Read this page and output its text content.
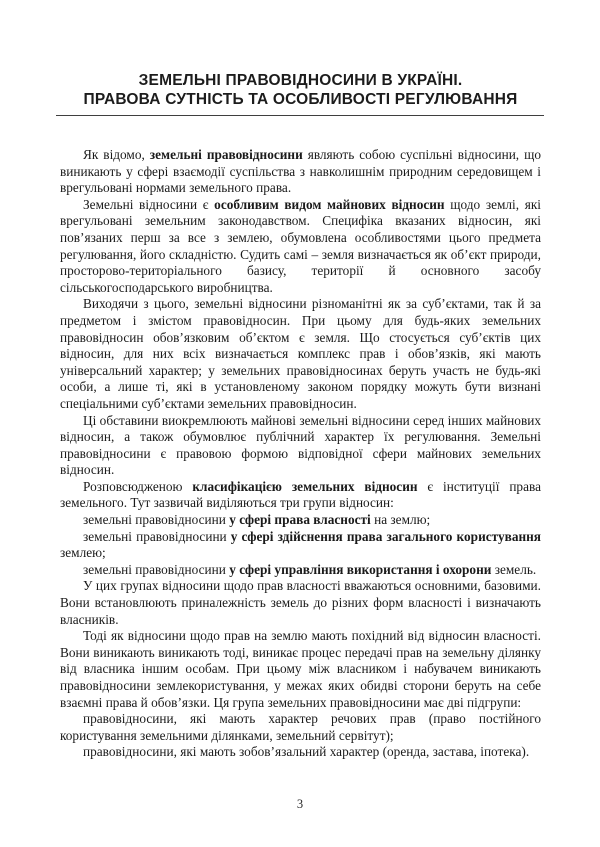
ЗЕМЕЛЬНІ ПРАВОВІДНОСИНИ В УКРАЇНІ.
ПРАВОВА СУТНІСТЬ ТА ОСОБЛИВОСТІ РЕГУЛЮВАННЯ

Як відомо, земельні правовідносини являють собою суспільні відносини, що виникають у сфері взаємодії суспільства з навколишнім природним середовищем і врегульовані нормами земельного права.

Земельні відносини є особливим видом майнових відносин щодо землі, які врегульовані земельним законодавством. Специфіка вказаних відносин, які пов’язаних перш за все з землею, обумовлена особливостями цього предмета регулювання, його складністю. Судить самі – земля визначається як об’єкт природи, просторово-територіального базису, території й основного засобу сільськогосподарського виробництва.

Виходячи з цього, земельні відносини різноманітні як за суб’єктами, так й за предметом і змістом правовідносин. При цьому для будь-яких земельних правовідносин обов’язковим об’єктом є земля. Що стосується суб’єктів цих відносин, для них всіх визначається комплекс прав і обов’язків, які мають універсальний характер; у земельних правовідносинах беруть участь не будь-які особи, а лише ті, які в установленому законом порядку можуть бути визнані спеціальними суб’єктами земельних правовідносин.

Ці обставини виокремлюють майнові земельні відносини серед інших майнових відносин, а також обумовлює публічний характер їх регулювання. Земельні правовідносини є правовою формою відповідної сфери майнових земельних відносин.

Розповсюдженою класифікацією земельних відносин є інституції права земельного. Тут зазвичай виділяються три групи відносин:

земельні правовідносини у сфері права власності на землю;

земельні правовідносини у сфері здійснення права загального користування землею;

земельні правовідносини у сфері управління використання і охорони земель.

У цих групах відносини щодо прав власності вважаються основними, базовими. Вони встановлюють приналежність земель до різних форм власності і визначають власників.

Тоді як відносини щодо прав на землю мають похідний від відносин власності. Вони виникають виникають тоді, виникає процес передачі прав на земельну ділянку від власника іншим особам. При цьому між власником і набувачем виникають правовідносини землекористування, у межах яких обидві сторони беруть на себе взаємні права й обов’язки. Ця група земельних правовідносини має дві підгрупи:

правовідносини, які мають характер речових прав (право постійного користування земельними ділянками, земельний сервітут);

правовідносини, які мають зобов’язальний характер (оренда, застава, іпотека).

3
